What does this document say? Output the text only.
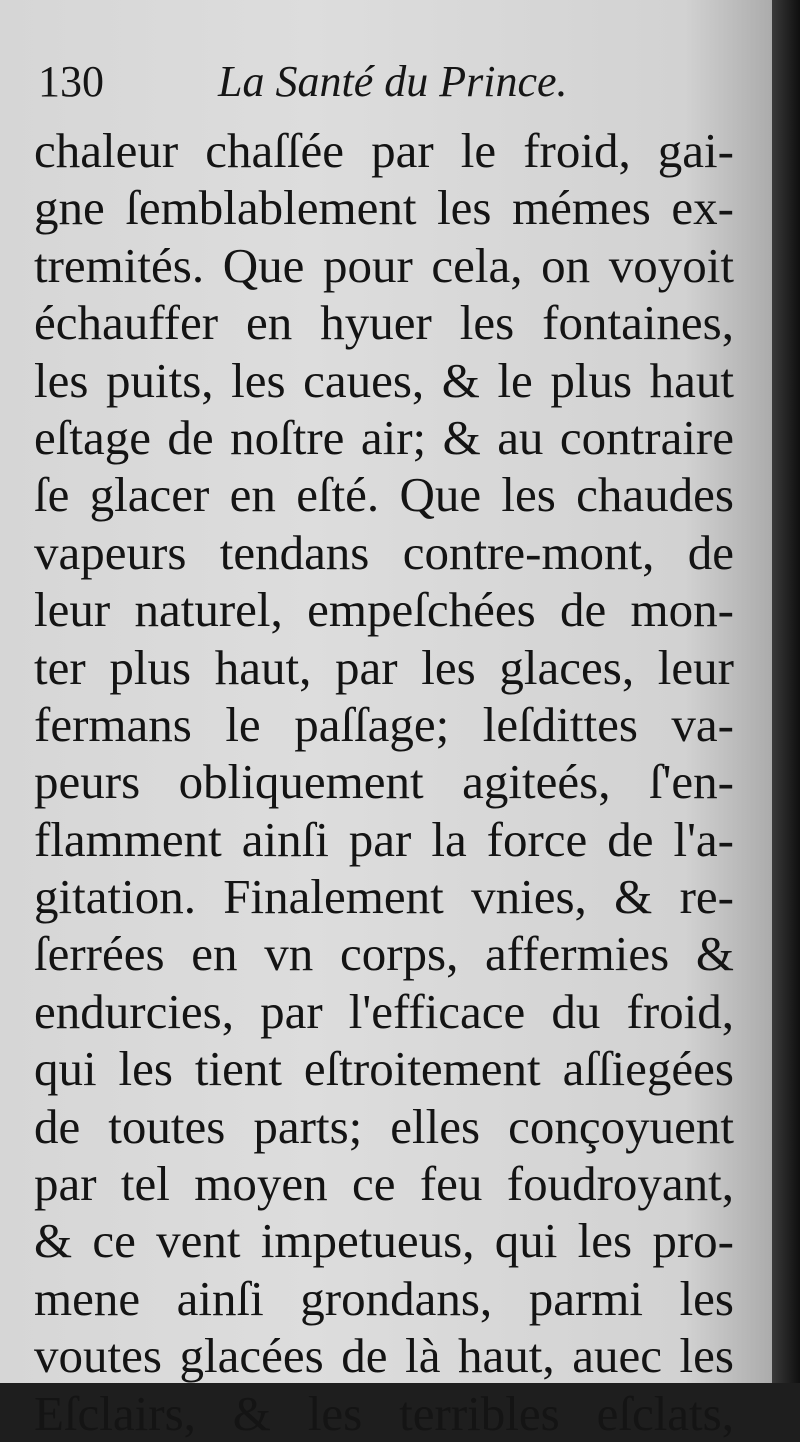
130	La Santé du Prince.
chaleur chaſſée par le froid, gai-
gne ſemblablement les mémes ex-
tremités. Que pour cela, on voyoit
échauffer en hyuer les fontaines,
les puits, les caues, & le plus haut
eſtage de noſtre air; & au contraire
ſe glacer en eſté. Que les chaudes
vapeurs tendans contre-mont, de
leur naturel, empeſchées de mon-
ter plus haut, par les glaces, leur
fermans le paſſage; leſdittes va-
peurs obliquement agiteés, ſ'en-
flamment ainſi par la force de l'a-
gitation. Finalement vnies, & re-
ſerrées en vn corps, affermies &
endurcies, par l'efficace du froid,
qui les tient eſtroitement aſſiegées
de toutes parts; elles conçoyuent
par tel moyen ce feu foudroyant,
& ce vent impetueus, qui les pro-
mene ainſi grondans, parmi les
voutes glacées de là haut, auec les
Eſclairs, & les terribles eſclats,
